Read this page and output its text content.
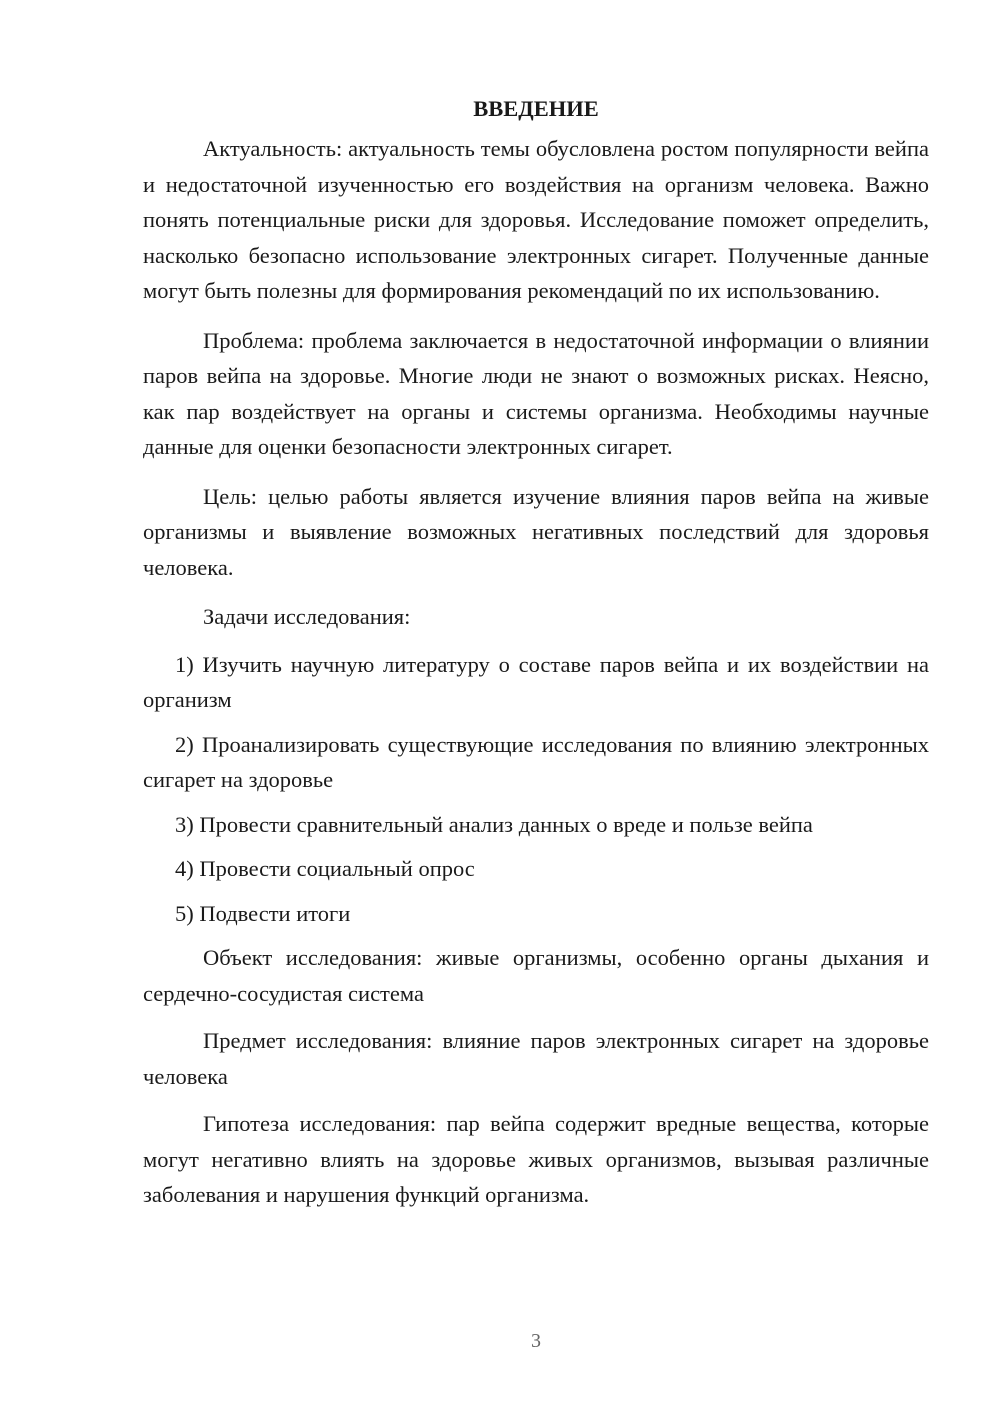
ВВЕДЕНИЕ

Актуальность: актуальность темы обусловлена ростом популярности вейпа и недостаточной изученностью его воздействия на организм человека. Важно понять потенциальные риски для здоровья. Исследование поможет определить, насколько безопасно использование электронных сигарет. Полученные данные могут быть полезны для формирования рекомендаций по их использованию.

Проблема: проблема заключается в недостаточной информации о влиянии паров вейпа на здоровье. Многие люди не знают о возможных рисках. Неясно, как пар воздействует на органы и системы организма. Необходимы научные данные для оценки безопасности электронных сигарет.

Цель: целью работы является изучение влияния паров вейпа на живые организмы и выявление возможных негативных последствий для здоровья человека.

Задачи исследования:

1) Изучить научную литературу о составе паров вейпа и их воздействии на организм

2) Проанализировать существующие исследования по влиянию электронных сигарет на здоровье

3) Провести сравнительный анализ данных о вреде и пользе вейпа

4) Провести социальный опрос

5) Подвести итоги

Объект исследования: живые организмы, особенно органы дыхания и сердечно-сосудистая система

Предмет исследования: влияние паров электронных сигарет на здоровье человека

Гипотеза исследования: пар вейпа содержит вредные вещества, которые могут негативно влиять на здоровье живых организмов, вызывая различные заболевания и нарушения функций организма.

3
